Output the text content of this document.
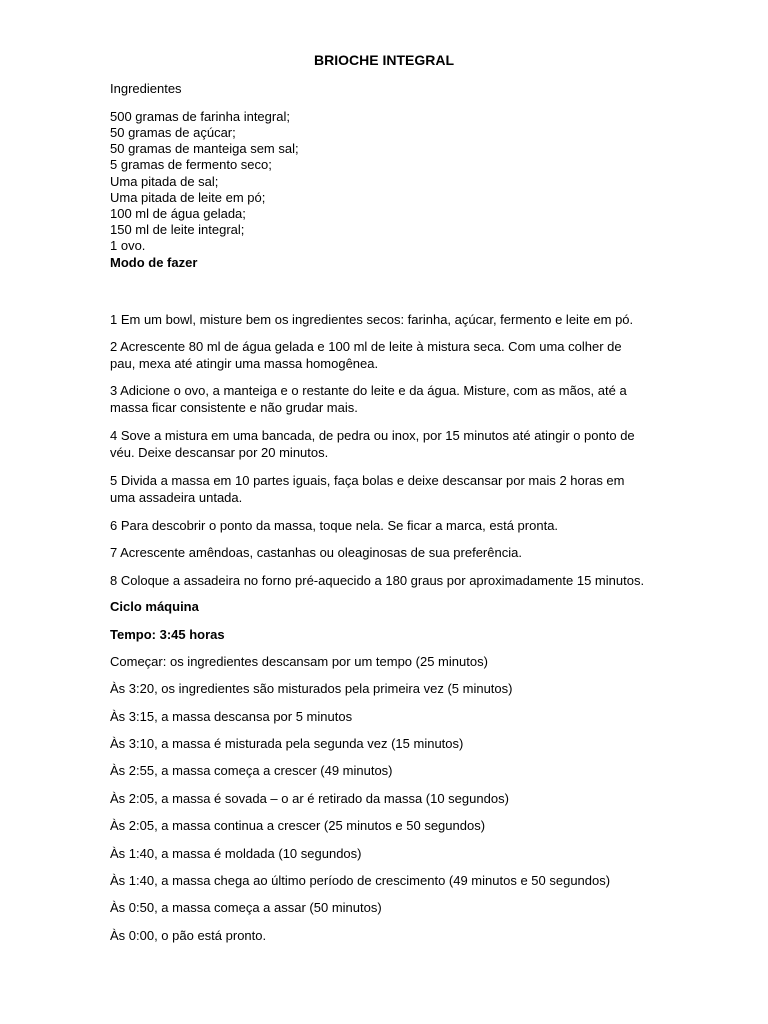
BRIOCHE INTEGRAL
Ingredientes
500 gramas de farinha integral;
50 gramas de açúcar;
50 gramas de manteiga sem sal;
5 gramas de fermento seco;
Uma pitada de sal;
Uma pitada de leite em pó;
100 ml de água gelada;
150 ml de leite integral;
1 ovo.
Modo de fazer
1 Em um bowl, misture bem os ingredientes secos: farinha, açúcar, fermento e leite em pó.
2 Acrescente 80 ml de água gelada e 100 ml de leite à mistura seca. Com uma colher de pau, mexa até atingir uma massa homogênea.
3 Adicione o ovo, a manteiga e o restante do leite e da água. Misture, com as mãos, até a massa ficar consistente e não grudar mais.
4 Sove a mistura em uma bancada, de pedra ou inox, por 15 minutos até atingir o ponto de véu. Deixe descansar por 20 minutos.
5 Divida a massa em 10 partes iguais, faça bolas e deixe descansar por mais 2 horas em uma assadeira untada.
6 Para descobrir o ponto da massa, toque nela. Se ficar a marca, está pronta.
7 Acrescente amêndoas, castanhas ou oleaginosas de sua preferência.
8 Coloque a assadeira no forno pré-aquecido a 180 graus por aproximadamente 15 minutos.
Ciclo máquina
Tempo: 3:45 horas
Começar: os ingredientes descansam por um tempo (25 minutos)
Às 3:20, os ingredientes são misturados pela primeira vez (5 minutos)
Às 3:15, a massa descansa por 5 minutos
Às 3:10, a massa é misturada pela segunda vez (15 minutos)
Às 2:55, a massa começa a crescer (49 minutos)
Às 2:05, a massa é sovada – o ar é retirado da massa (10 segundos)
Às 2:05, a massa continua a crescer (25 minutos e 50 segundos)
Às 1:40, a massa é moldada (10 segundos)
Às 1:40, a massa chega ao último período de crescimento (49 minutos e 50 segundos)
Às 0:50, a massa começa a assar (50 minutos)
Às 0:00, o pão está pronto.
